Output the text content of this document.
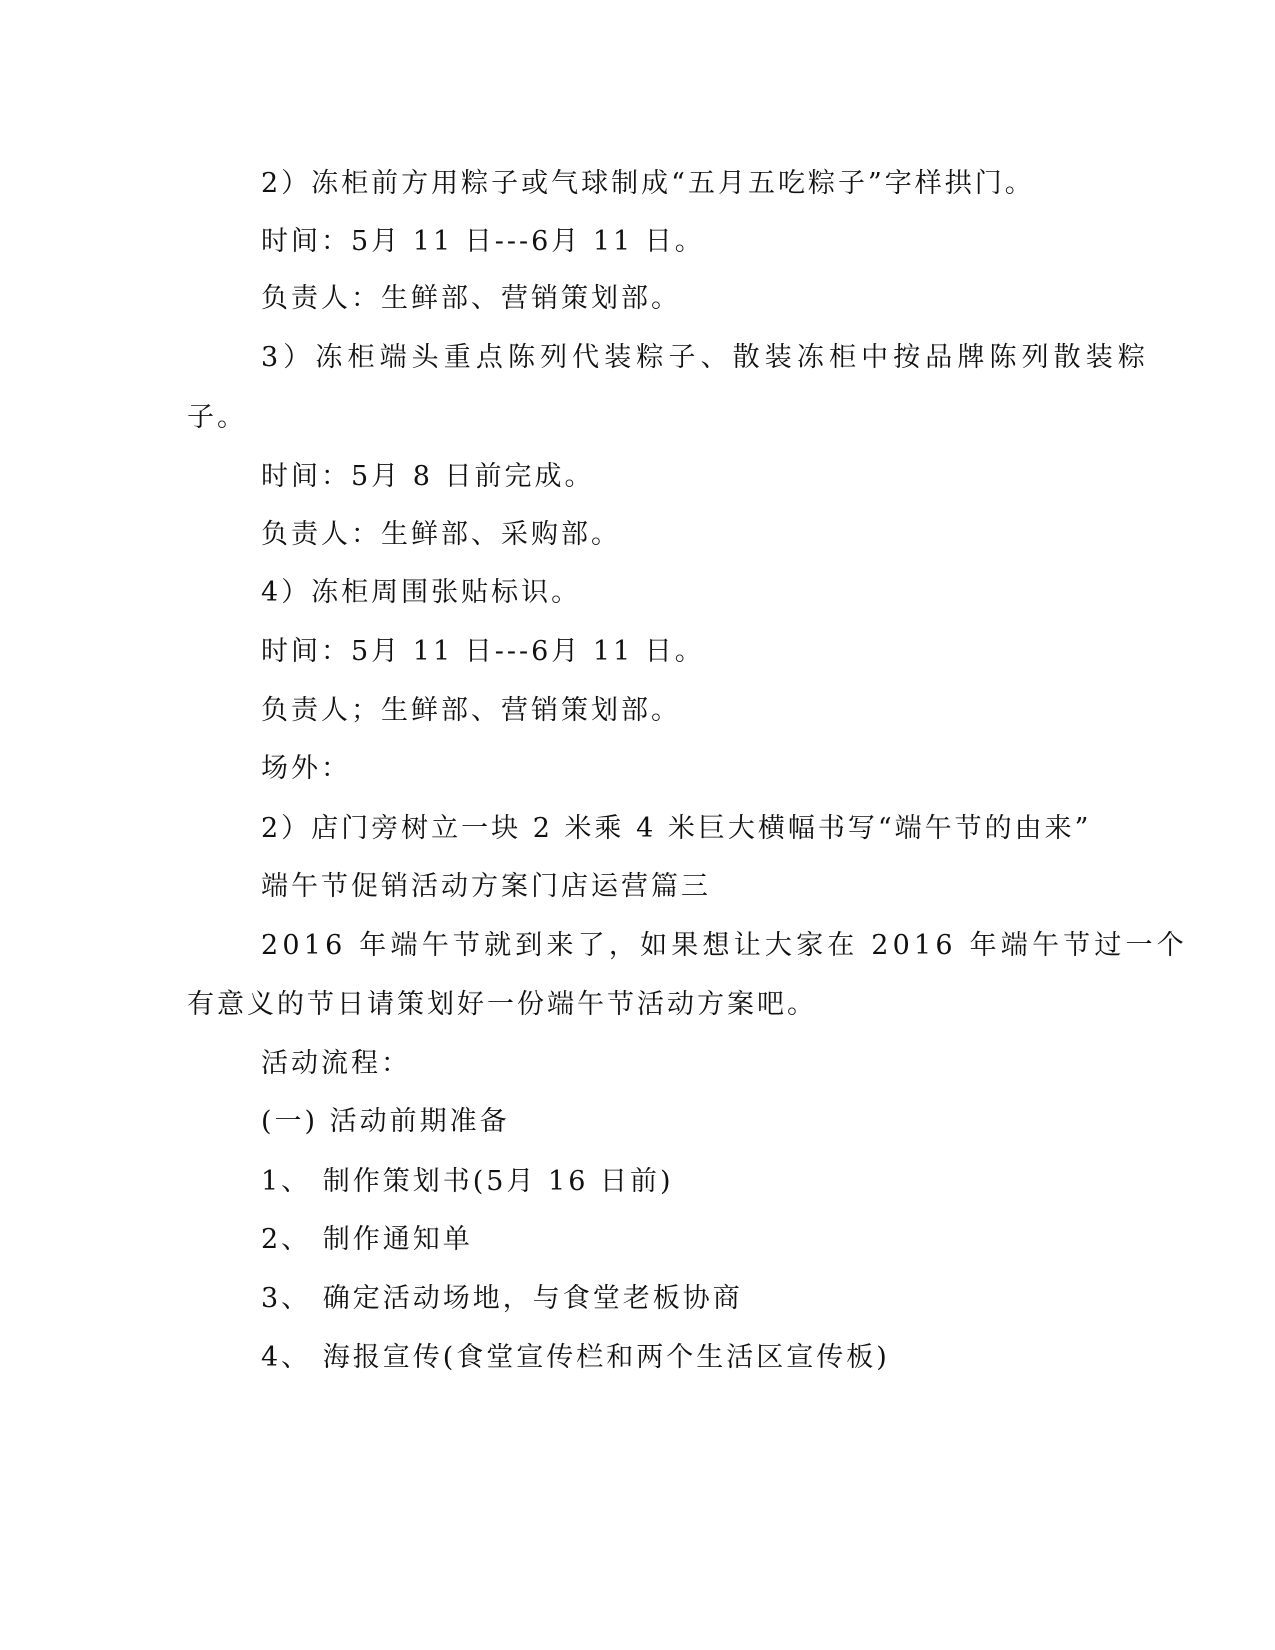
2）冻柜前方用粽子或气球制成“五月五吃粽子”字样拱门。
时间：5月 11 日---6月 11 日。
负责人：生鲜部、营销策划部。
3）冻柜端头重点陈列代装粽子、散装冻柜中按品牌陈列散装粽
子。
时间：5月 8 日前完成。
负责人：生鲜部、采购部。
4）冻柜周围张贴标识。
时间：5月 11 日---6月 11 日。
负责人；生鲜部、营销策划部。
场外：
2）店门旁树立一块 2 米乘 4 米巨大横幅书写“端午节的由来”
端午节促销活动方案门店运营篇三
2016 年端午节就到来了，如果想让大家在 2016 年端午节过一个
有意义的节日请策划好一份端午节活动方案吧。
活动流程：
(一) 活动前期准备
1、 制作策划书(5月 16 日前)
2、 制作通知单
3、 确定活动场地，与食堂老板协商
4、 海报宣传(食堂宣传栏和两个生活区宣传板)
